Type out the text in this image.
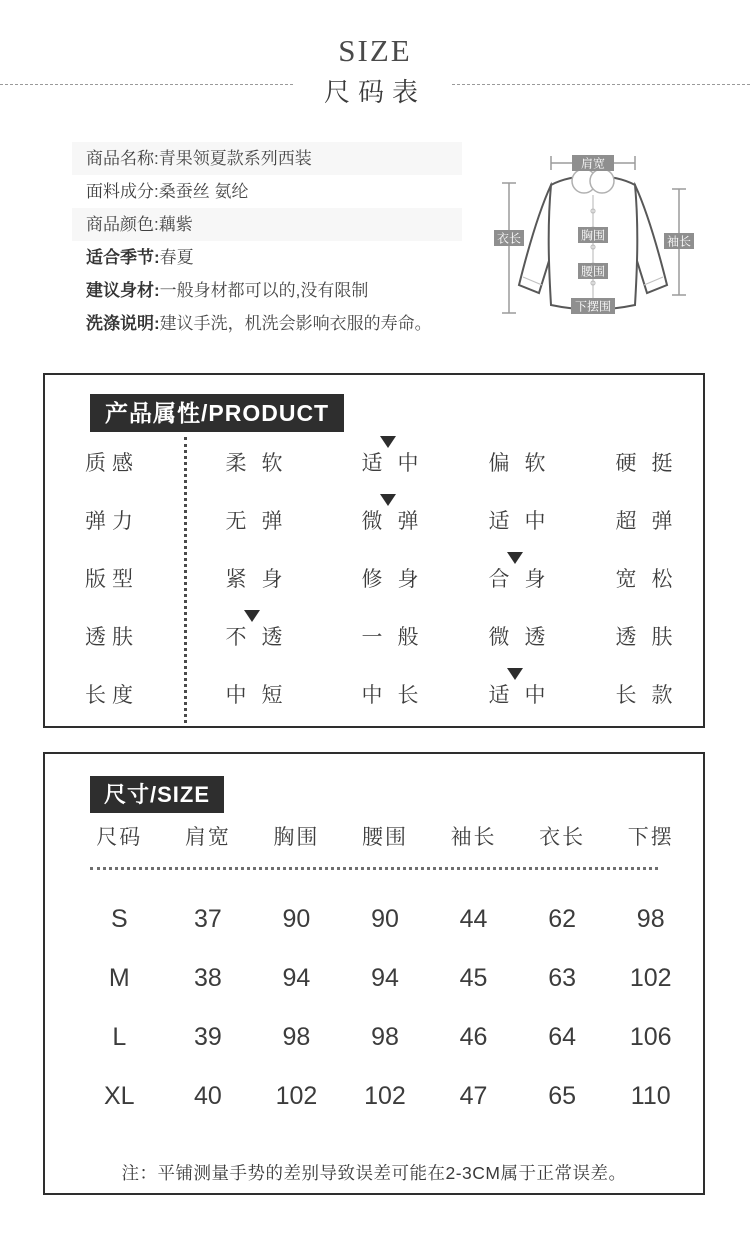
SIZE
尺码表
商品名称:青果领夏款系列西装
面料成分:桑蚕丝 氨纶
商品颜色:藕紫
适合季节:春夏
建议身材:一般身材都可以的,没有限制
洗涤说明:建议手洗，机洗会影响衣服的寿命。
肩宽
衣长	胸围	袖长
腰围
下摆围
产品属性/PRODUCT
质感	柔软	适中	偏软	硬挺
弹力	无弹	微弹	适中	超弹
版型	紧身	修身	合身	宽松
透肤	不透	一般	微透	透肤
长度	中短	中长	适中	长款
尺寸/SIZE
尺码	肩宽	胸围	腰围	袖长	衣长	下摆
S	37	90	90	44	62	98
M	38	94	94	45	63	102
L	39	98	98	46	64	106
XL	40	102	102	47	65	110
注：平铺测量手势的差别导致误差可能在2-3CM属于正常误差。
